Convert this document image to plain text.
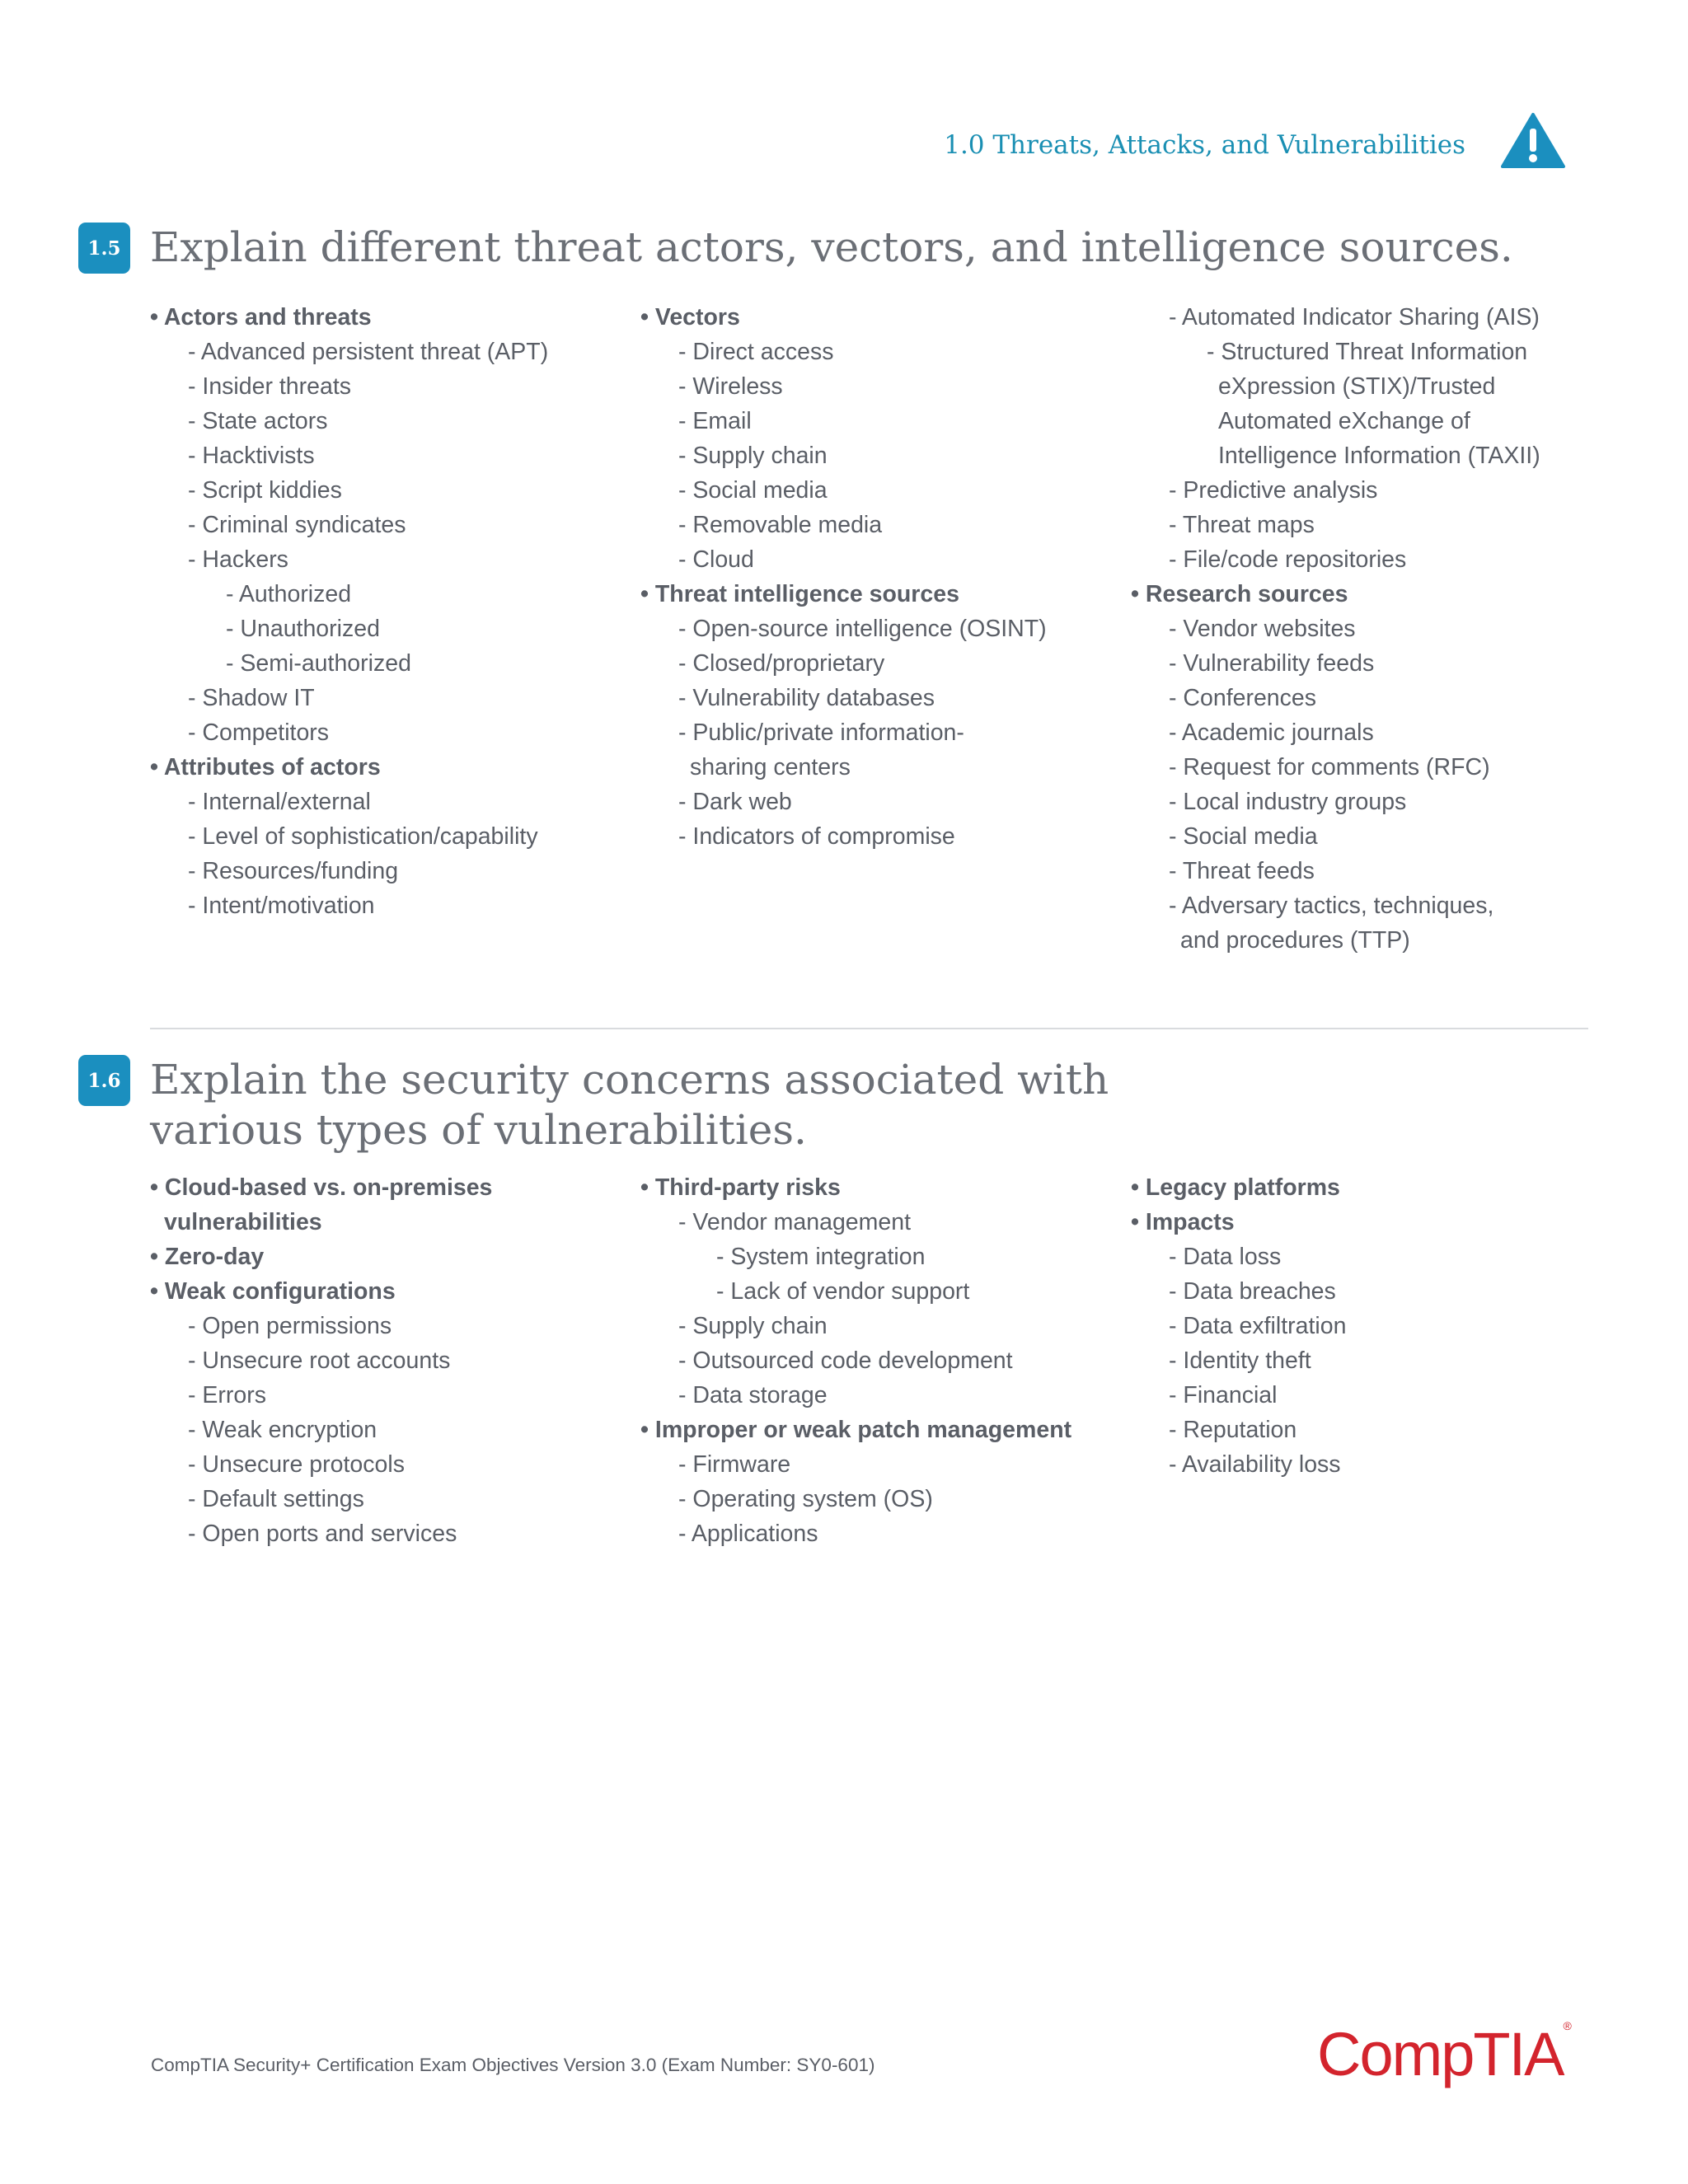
1.0 Threats, Attacks, and Vulnerabilities
1.5 Explain different threat actors, vectors, and intelligence sources.
• Actors and threats
- Advanced persistent threat (APT)
- Insider threats
- State actors
- Hacktivists
- Script kiddies
- Criminal syndicates
- Hackers
- Authorized
- Unauthorized
- Semi-authorized
- Shadow IT
- Competitors
• Attributes of actors
- Internal/external
- Level of sophistication/capability
- Resources/funding
- Intent/motivation
• Vectors
- Direct access
- Wireless
- Email
- Supply chain
- Social media
- Removable media
- Cloud
• Threat intelligence sources
- Open-source intelligence (OSINT)
- Closed/proprietary
- Vulnerability databases
- Public/private information-
sharing centers
- Dark web
- Indicators of compromise
- Automated Indicator Sharing (AIS)
- Structured Threat Information
eXpression (STIX)/Trusted
Automated eXchange of
Intelligence Information (TAXII)
- Predictive analysis
- Threat maps
- File/code repositories
• Research sources
- Vendor websites
- Vulnerability feeds
- Conferences
- Academic journals
- Request for comments (RFC)
- Local industry groups
- Social media
- Threat feeds
- Adversary tactics, techniques,
and procedures (TTP)
1.6 Explain the security concerns associated with
various types of vulnerabilities.
• Cloud-based vs. on-premises
vulnerabilities
• Zero-day
• Weak configurations
- Open permissions
- Unsecure root accounts
- Errors
- Weak encryption
- Unsecure protocols
- Default settings
- Open ports and services
• Third-party risks
- Vendor management
- System integration
- Lack of vendor support
- Supply chain
- Outsourced code development
- Data storage
• Improper or weak patch management
- Firmware
- Operating system (OS)
- Applications
• Legacy platforms
• Impacts
- Data loss
- Data breaches
- Data exfiltration
- Identity theft
- Financial
- Reputation
- Availability loss
CompTIA Security+ Certification Exam Objectives Version 3.0 (Exam Number: SY0-601)	CompTIA®
